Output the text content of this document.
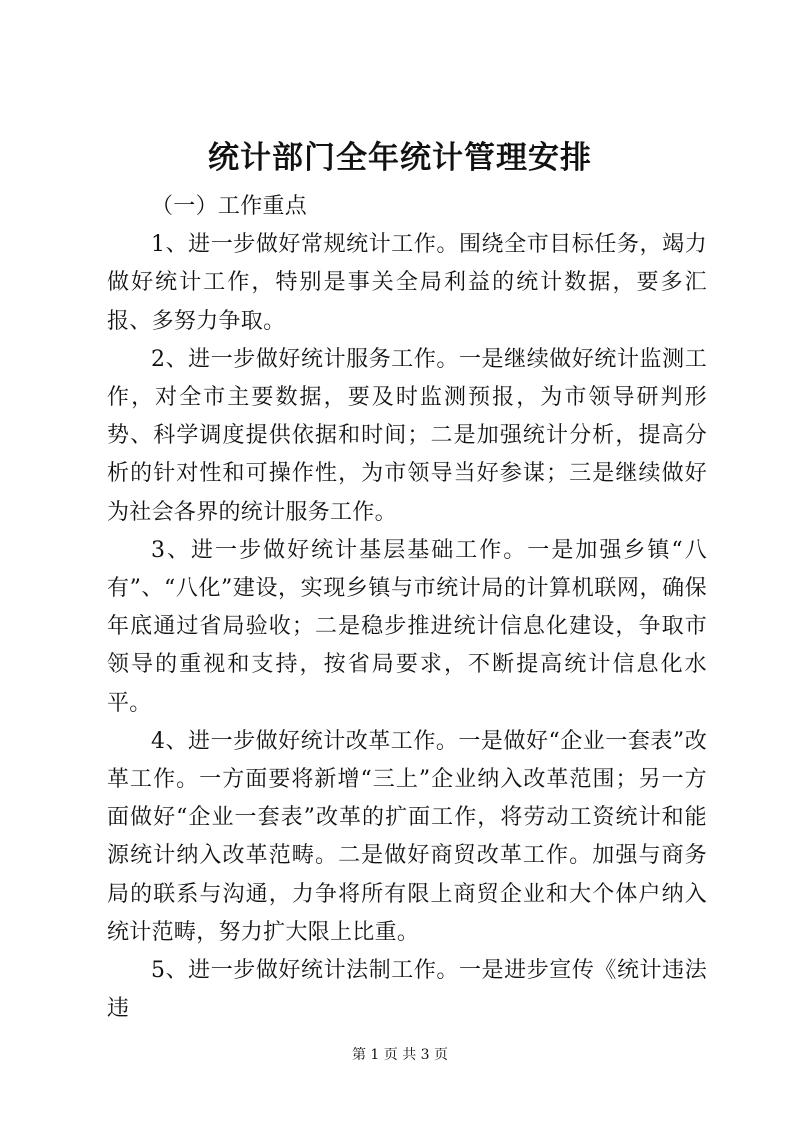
统计部门全年统计管理安排

（一）工作重点

1、进一步做好常规统计工作。围绕全市目标任务，竭力做好统计工作，特别是事关全局利益的统计数据，要多汇报、多努力争取。

2、进一步做好统计服务工作。一是继续做好统计监测工作，对全市主要数据，要及时监测预报，为市领导研判形势、科学调度提供依据和时间；二是加强统计分析，提高分析的针对性和可操作性，为市领导当好参谋；三是继续做好为社会各界的统计服务工作。

3、进一步做好统计基层基础工作。一是加强乡镇“八有”、“八化”建设，实现乡镇与市统计局的计算机联网，确保年底通过省局验收；二是稳步推进统计信息化建设，争取市领导的重视和支持，按省局要求，不断提高统计信息化水平。

4、进一步做好统计改革工作。一是做好“企业一套表”改革工作。一方面要将新增“三上”企业纳入改革范围；另一方面做好“企业一套表”改革的扩面工作，将劳动工资统计和能源统计纳入改革范畴。二是做好商贸改革工作。加强与商务局的联系与沟通，力争将所有限上商贸企业和大个体户纳入统计范畴，努力扩大限上比重。

5、进一步做好统计法制工作。一是进步宣传《统计违法违

第 1 页 共 3 页
